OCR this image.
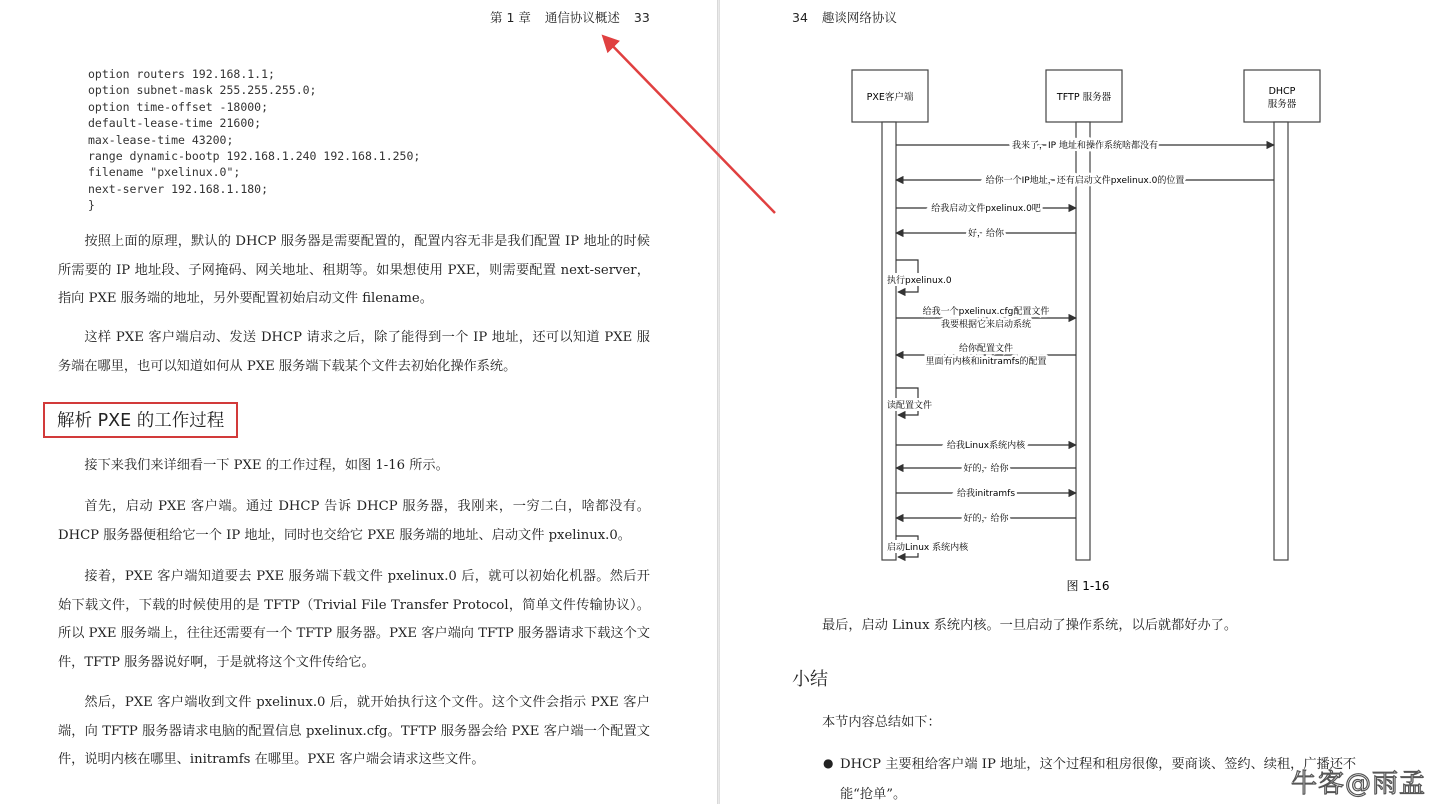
第 1 章 通信协议概述 33
option routers 192.168.1.1;
option subnet-mask 255.255.255.0;
option time-offset -18000;
default-lease-time 21600;
max-lease-time 43200;
range dynamic-bootp 192.168.1.240 192.168.1.250;
filename "pxelinux.0";
next-server 192.168.1.180;
}

按照上面的原理，默认的 DHCP 服务器是需要配置的，配置内容无非是我们配置 IP 地址的时候所需要的 IP 地址段、子网掩码、网关地址、租期等。如果想使用 PXE，则需要配置 next-server，指向 PXE 服务端的地址，另外要配置初始启动文件 filename。

这样 PXE 客户端启动、发送 DHCP 请求之后，除了能得到一个 IP 地址，还可以知道 PXE 服务端在哪里，也可以知道如何从 PXE 服务端下载某个文件去初始化操作系统。

解析 PXE 的工作过程

接下来我们来详细看一下 PXE 的工作过程，如图 1-16 所示。

首先，启动 PXE 客户端。通过 DHCP 告诉 DHCP 服务器，我刚来，一穷二白，啥都没有。DHCP 服务器便租给它一个 IP 地址，同时也交给它 PXE 服务端的地址、启动文件 pxelinux.0。

接着，PXE 客户端知道要去 PXE 服务端下载文件 pxelinux.0 后，就可以初始化机器。然后开始下载文件，下载的时候使用的是 TFTP（Trivial File Transfer Protocol，简单文件传输协议）。所以 PXE 服务端上，往往还需要有一个 TFTP 服务器。PXE 客户端向 TFTP 服务器请求下载这个文件，TFTP 服务器说好啊，于是就将这个文件传给它。

然后，PXE 客户端收到文件 pxelinux.0 后，就开始执行这个文件。这个文件会指示 PXE 客户端，向 TFTP 服务器请求电脑的配置信息 pxelinux.cfg。TFTP 服务器会给 PXE 客户端一个配置文件，说明内核在哪里、initramfs 在哪里。PXE 客户端会请求这些文件。

34 趣谈网络协议
PXE客户端	TFTP 服务器
DHCP 服务器
我来了，IP 地址和操作系统啥都没有
给你一个IP地址，还有启动文件pxelinux.0的位置
给我启动文件pxelinux.0吧
好，给你
执行pxelinux.0
给我一个pxelinux.cfg配置文件
我要根据它来启动系统
给你配置文件
里面有内核和initramfs的配置
读配置文件
给我Linux系统内核
好的，给你
给我initramfs
好的，给你
启动Linux 系统内核
图 1-16

最后，启动 Linux 系统内核。一旦启动了操作系统，以后就都好办了。

小结

本节内容总结如下：

● DHCP 主要租给客户端 IP 地址，这个过程和租房很像，要商谈、签约、续租，广播还不能“抢单”。	牛客@雨孟
